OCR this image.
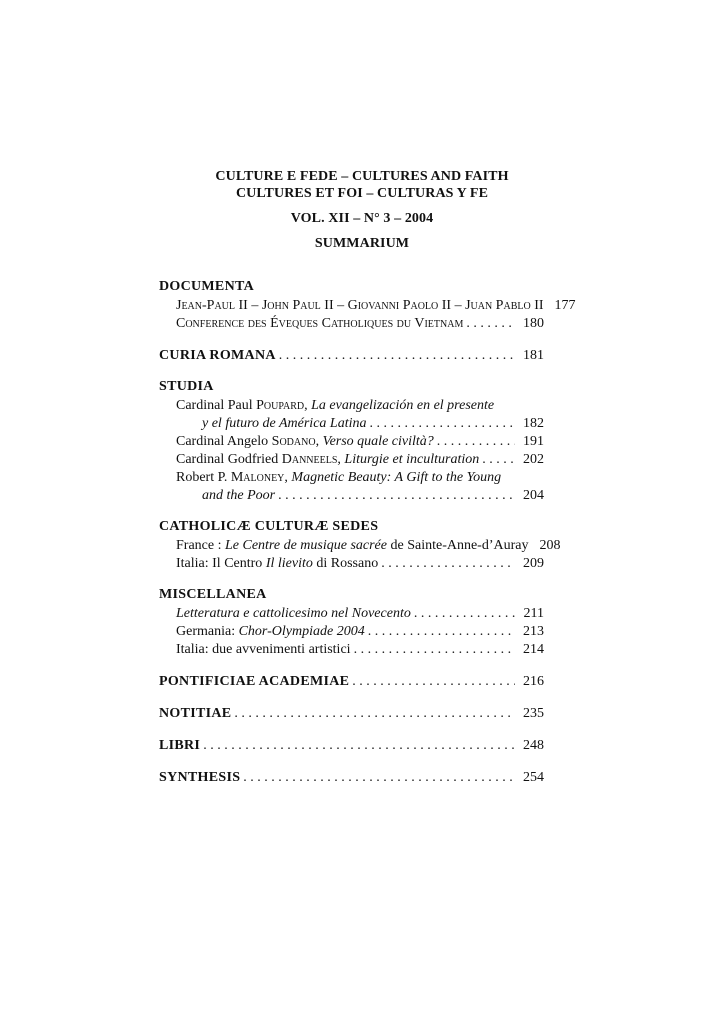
CULTURE E FEDE – CULTURES AND FAITH
CULTURES ET FOI – CULTURAS Y FE
VOL. XII – N° 3 – 2004
SUMMARIUM
DOCUMENTA
Jean-Paul II – John Paul II – Giovanni Paolo II – Juan Pablo II 177
Conference des Éveques Catholiques du Vietnam . . .	180
CURIA ROMANA . . .	181
STUDIA
Cardinal Paul Poupard, La evangelización en el presente
y el futuro de América Latina . . .	182
Cardinal Angelo Sodano, Verso quale civiltà? . . .	191
Cardinal Godfried Danneels, Liturgie et inculturation . . .	202
Robert P. Maloney, Magnetic Beauty: A Gift to the Young
and the Poor . . .	204
CATHOLICÆ CULTURÆ SEDES
France : Le Centre de musique sacrée de Sainte-Anne-d’Auray 208
Italia: Il Centro Il lievito di Rossano . . .	209
MISCELLANEA
Letteratura e cattolicesimo nel Novecento . . .	211
Germania: Chor-Olympiade 2004 . . .	213
Italia: due avvenimenti artistici . . .	214
PONTIFICIAE ACADEMIAE . . .	216
NOTITIAE . . .	235
LIBRI . . .	248
SYNTHESIS . . .	254
